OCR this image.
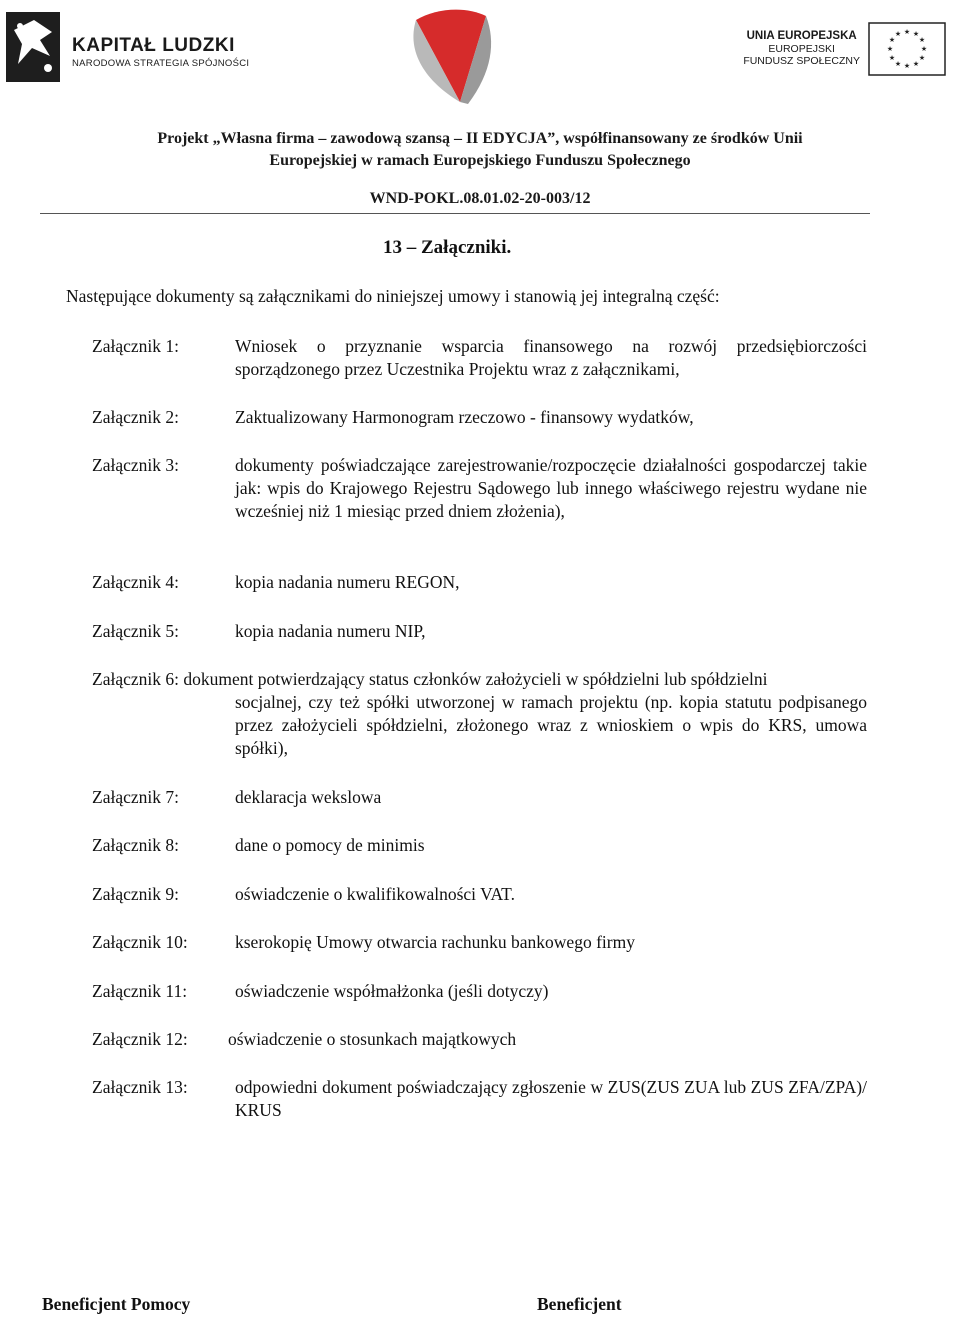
KAPITAŁ LUDZKI
NARODOWA STRATEGIA SPÓJNOŚCI
UNIA EUROPEJSKA
EUROPEJSKI
FUNDUSZ SPOŁECZNY
★ ★
★
★
★
★
★
★
★
★
★
★
Projekt „Własna firma – zawodową szansą – II EDYCJA”, współfinansowany ze środków Unii
Europejskiej w ramach Europejskiego Funduszu Społecznego
WND-POKL.08.01.02-20-003/12
13 – Załączniki.
Następujące dokumenty są załącznikami do niniejszej umowy i stanowią jej integralną część:
Załącznik 1:	Wniosek o przyznanie wsparcia finansowego na rozwój przedsiębiorczości sporządzonego przez Uczestnika Projektu wraz z załącznikami,
Załącznik 2:	Zaktualizowany Harmonogram rzeczowo - finansowy wydatków,
Załącznik 3:	dokumenty poświadczające zarejestrowanie/rozpoczęcie działalności gospodarczej takie jak: wpis do Krajowego Rejestru Sądowego lub innego właściwego rejestru wydane nie wcześniej niż 1 miesiąc przed dniem złożenia),
Załącznik 4:	kopia nadania numeru REGON,
Załącznik 5:	kopia nadania numeru NIP,
Załącznik 6: dokument potwierdzający status członków założycieli w spółdzielni lub spółdzielni
socjalnej, czy też spółki utworzonej w ramach projektu (np. kopia statutu podpisanego przez założycieli spółdzielni, złożonego wraz z wnioskiem o wpis do KRS, umowa spółki),
Załącznik 7:	deklaracja wekslowa
Załącznik 8:	dane o pomocy de minimis
Załącznik 9:	oświadczenie o kwalifikowalności VAT.
Załącznik 10:	kserokopię Umowy otwarcia rachunku bankowego firmy
Załącznik 11:	oświadczenie współmałżonka (jeśli dotyczy)
Załącznik 12: oświadczenie o stosunkach majątkowych
Załącznik 13:	odpowiedni dokument poświadczający zgłoszenie w ZUS(ZUS ZUA lub ZUS ZFA/ZPA)/ KRUS
Beneficjent Pomocy	Beneficjent
